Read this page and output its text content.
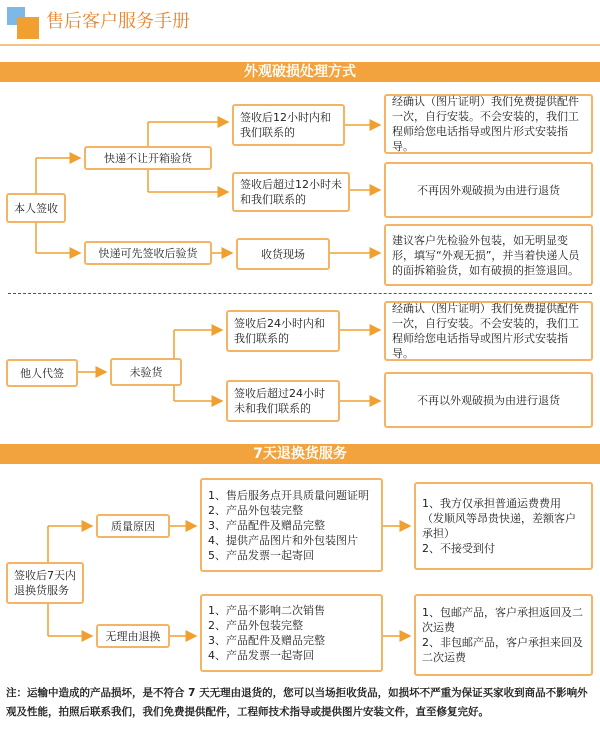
售后客户服务手册
外观破损处理方式
本人签收
快递不让开箱验货
快递可先签收后验货
签收后12小时内和我们联系的
签收后超过12小时未和我们联系的
收货现场
经确认（图片证明）我们免费提供配件一次，自行安装。不会安装的，我们工程师给您电话指导或图片形式安装指导。
不再因外观破损为由进行退货
建议客户先检验外包装，如无明显变形，填写“外观无损”，并当着快递人员的面拆箱验货，如有破损的拒签退回。
他人代签	未验货
签收后24小时内和我们联系的
签收后超过24小时未和我们联系的
经确认（图片证明）我们免费提供配件一次，自行安装。不会安装的，我们工程师给您电话指导或图片形式安装指导。
不再以外观破损为由进行退货
7天退换货服务
签收后7天内退换货服务
质量原因
无理由退换
1、售后服务点开具质量问题证明
2、产品外包装完整
3、产品配件及赠品完整
4、提供产品图片和外包装图片
5、产品发票一起寄回
1、产品不影响二次销售
2、产品外包装完整
3、产品配件及赠品完整
4、产品发票一起寄回
1、我方仅承担普通运费费用
（发顺风等昂贵快递，差额客户承担）
2、不接受到付
1、包邮产品，客户承担返回及二次运费
2、非包邮产品，客户承担来回及二次运费
注：运输中造成的产品损坏，是不符合 7 天无理由退货的，您可以当场拒收货品，如损坏不严重为保证买家收到商品不影响外观及性能，拍照后联系我们，我们免费提供配件，工程师技术指导或提供图片安装文件，直至修复完好。
